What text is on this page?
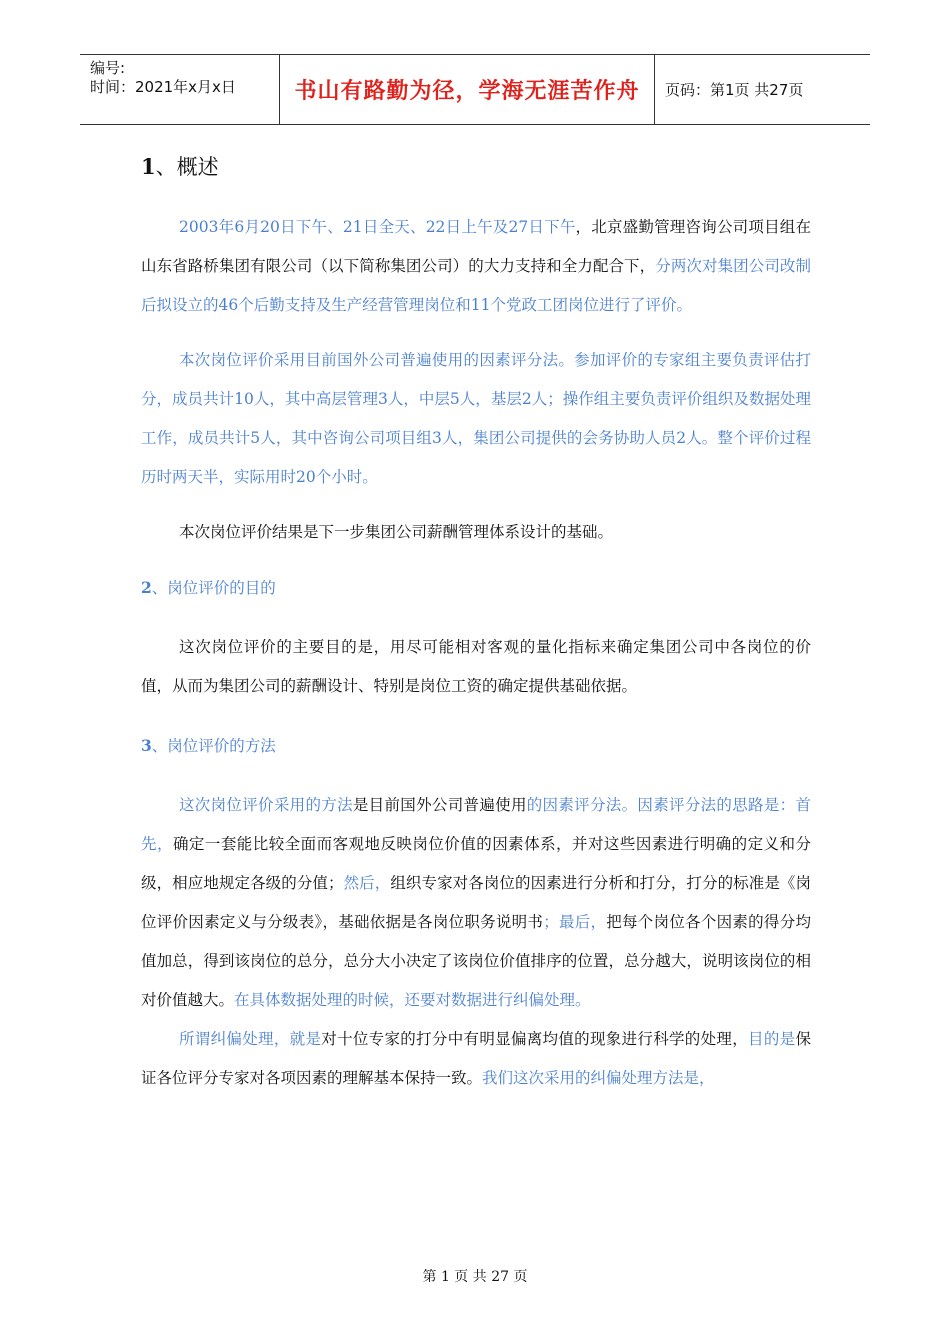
编号:
时间：2021年x月x日	书山有路勤为径，学海无涯苦作舟	页码：第1页 共27页
1、概述

2003年6月20日下午、21日全天、22日上午及27日下午，北京盛勤管理咨询公司项目组在山东省路桥集团有限公司（以下简称集团公司）的大力支持和全力配合下，分两次对集团公司改制后拟设立的46个后勤支持及生产经营管理岗位和11个党政工团岗位进行了评价。

本次岗位评价采用目前国外公司普遍使用的因素评分法。参加评价的专家组主要负责评估打分，成员共计10人，其中高层管理3人，中层5人，基层2人；操作组主要负责评价组织及数据处理工作，成员共计5人，其中咨询公司项目组3人，集团公司提供的会务协助人员2人。整个评价过程历时两天半，实际用时20个小时。

本次岗位评价结果是下一步集团公司薪酬管理体系设计的基础。

2、岗位评价的目的

这次岗位评价的主要目的是，用尽可能相对客观的量化指标来确定集团公司中各岗位的价值，从而为集团公司的薪酬设计、特别是岗位工资的确定提供基础依据。

3、岗位评价的方法

这次岗位评价采用的方法是目前国外公司普遍使用的因素评分法。因素评分法的思路是：首先，确定一套能比较全面而客观地反映岗位价值的因素体系，并对这些因素进行明确的定义和分级，相应地规定各级的分值；然后，组织专家对各岗位的因素进行分析和打分，打分的标准是《岗位评价因素定义与分级表》，基础依据是各岗位职务说明书；最后，把每个岗位各个因素的得分均值加总，得到该岗位的总分，总分大小决定了该岗位价值排序的位置，总分越大，说明该岗位的相对价值越大。在具体数据处理的时候，还要对数据进行纠偏处理。

所谓纠偏处理，就是对十位专家的打分中有明显偏离均值的现象进行科学的处理，目的是保证各位评分专家对各项因素的理解基本保持一致。我们这次采用的纠偏处理方法是，

第 1 页 共 27 页
